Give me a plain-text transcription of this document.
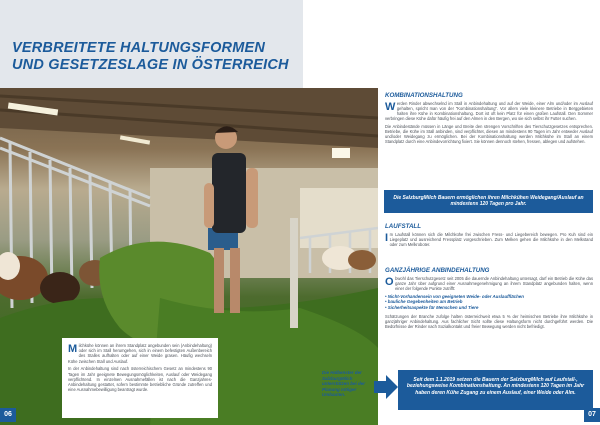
VERBREITETE HALTUNGSFORMEN
UND GESETZESLAGE IN ÖSTERREICH

Milchkühe können an ihrem Standplatz angebunden sein (Anbindehaltung) oder sich im Stall herumgehen, sich in einem befestigten Außenbereich des Stalles aufhalten oder auf einer Weide grasen. Häufig wechseln Kühe zwischen Stall und Auslauf.

In der Anbindehaltung sind nach österreichischem Gesetz an mindestens 90 Tagen im Jahr geeignete Bewegungsmöglichkeiten, Auslauf oder Weidegang verpflichtend. In einzelnen Ausnahmefällen ist nach die Ganzjahres-Anbindehaltung gestattet, sofern bestimmte betriebliche Gründe zutreffen und eine Ausnahmebewilligung beantragt wurde.

KOMBINATIONSHALTUNG

Werden Rinder abwechselnd im Stall in Anbindehaltung und auf der Weide, einer Alm und/oder im Auslauf gehalten, spricht man von der "Kombinationshaltung". Vor allem viele kleinere Betriebe in Berggebieten halten ihre Kühe in Kombinationshaltung. Dort ist oft kein Platz für einen großen Laufstall. Den Sommer verbringen diese Kühe dafür häufig frei auf den Almen in den Bergen, wo sie sich selbst ihr Futter suchen.

Die Anbindestände müssen in Länge und Breite den strengen Vorschriften des Tierschutzgesetzes entsprechen. Betriebe, die Kühe im Stall anbinden, sind verpflichtet, diesen an mindestens 90 Tagen im Jahr entweder Auslauf und/oder Weidegang zu ermöglichen. Bei der Kombinationshaltung werden Milchkühe im Stall an einem Standplatz durch eine Anbindevorrichtung fixiert. Sie können dennoch stehen, fressen, ablegen und aufstehen.

Die SalzburgMilch Bauern ermöglichen ihren Milchkühen Weidegang/Auslauf an mindestens 120 Tagen pro Jahr.
LAUFSTALL

Im Laufstall können sich die Milchkühe frei zwischen Fress- und Liegebereich bewegen. Pro Kuh sind ein Liegeplatz und ausreichend Fressplatz vorgeschrieben. Zum Melken gehen die Milchkühe in den Melkstand oder zum Melkroboter.

GANZJÄHRIGE ANBINDEHALTUNG

Obwohl das Tierschutzgesetz seit 2005 die dauernde Anbindehaltung untersagt, darf ein Betrieb die Kühe das ganze Jahr über aufgrund einer Ausnahmegenehmigung an ihrem Standplatz angebunden halten, wenn einer der folgende Punkte zutrifft:

• Nicht-Vorhandensein von geeigneten Weide- oder Auslaufflächen
• bauliche Gegebenheiten am Betrieb
• Sicherheitsaspekte für Menschen und Tiere

Schätzungen der Branche zufolge halten österreichweit etwa 5 % der heimischen Betriebe ihre Milchkühe in ganzjähriger Anbindehaltung. Aus fachlicher Sicht sollte diese Haltungsform nicht durchgeführt werden. Die Bedürfnisse der Rinder nach Sozialkontakt und freier Bewegung werden nicht befriedigt.

Die Halbenster der SalzburgMilch unterstützen bei der Planung nötiger Umbauten.
Seit dem 1.1.2019 setzen die Bauern der SalzburgMilch auf Laufstall-, beziehungsweise Kombinationshaltung. An mindestens 120 Tagen im Jahr haben deren Kühe Zugang zu einem Auslauf, einer Weide oder Alm.
06	07
